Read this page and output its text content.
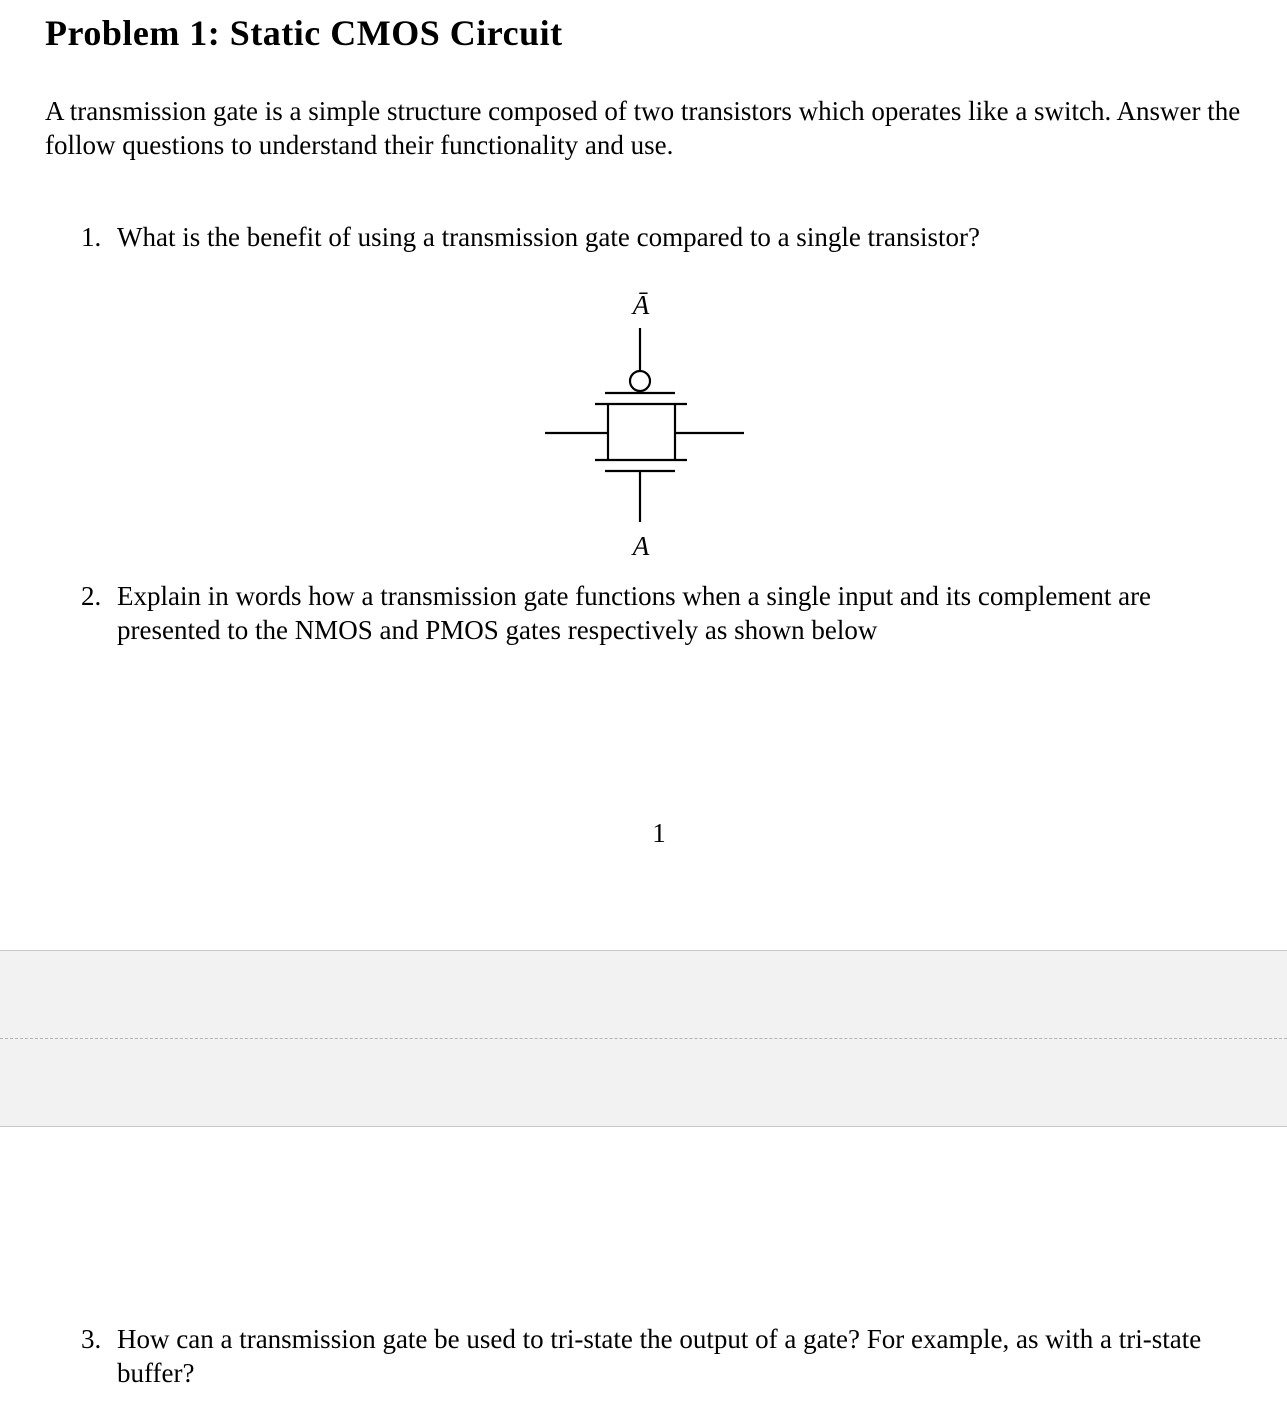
Problem 1: Static CMOS Circuit

A transmission gate is a simple structure composed of two transistors which operates like a switch. Answer the follow questions to understand their functionality and use.

1. What is the benefit of using a transmission gate compared to a single transistor?
Ā
A
2. Explain in words how a transmission gate functions when a single input and its complement are presented to the NMOS and PMOS gates respectively as shown below
1
3. How can a transmission gate be used to tri-state the output of a gate? For example, as with a tri-state buffer?
